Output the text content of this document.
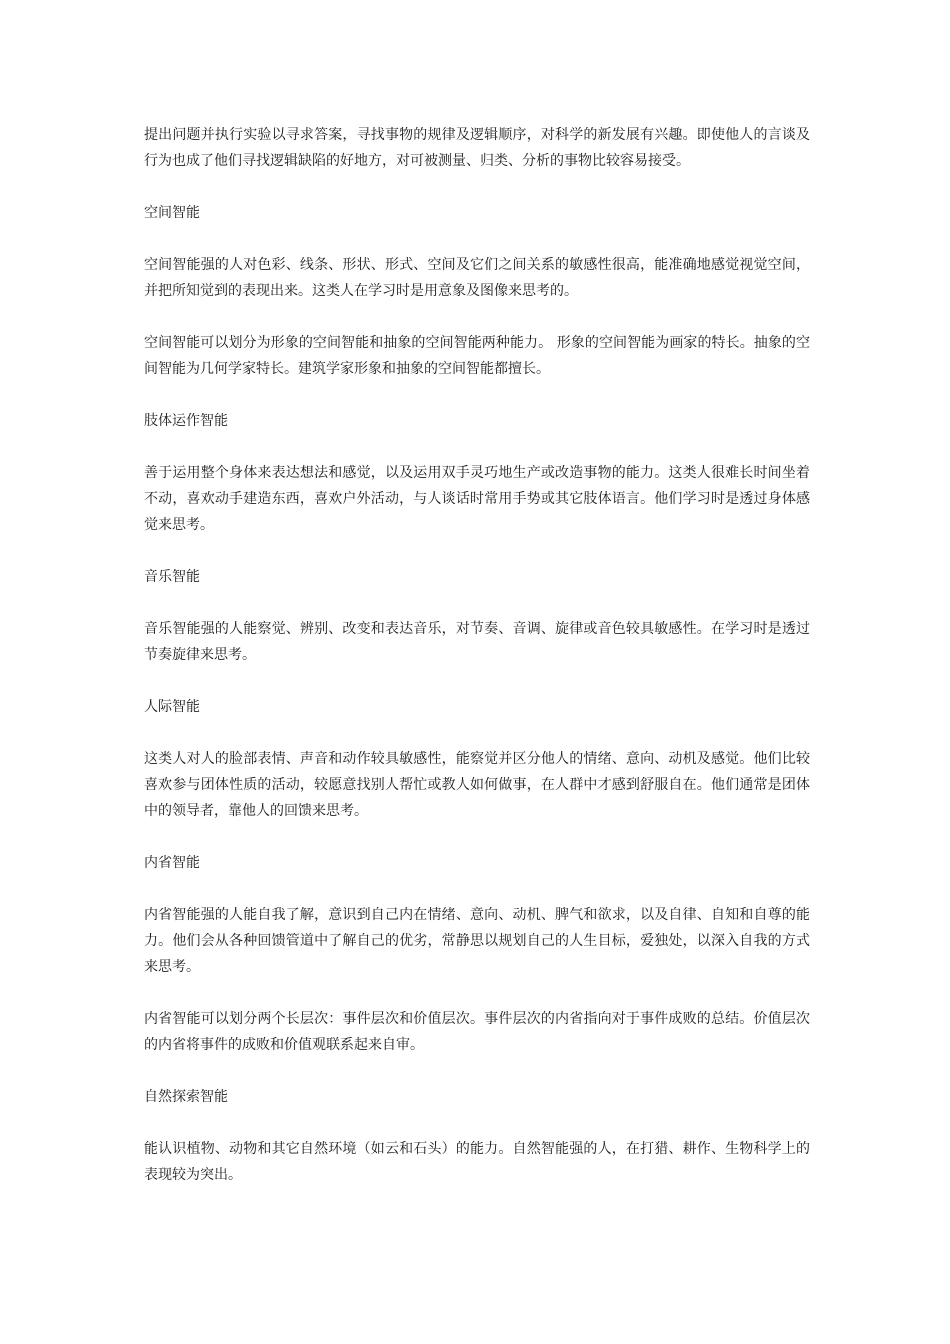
提出问题并执行实验以寻求答案，寻找事物的规律及逻辑顺序，对科学的新发展有兴趣。即使他人的言谈及行为也成了他们寻找逻辑缺陷的好地方，对可被测量、归类、分析的事物比较容易接受。

空间智能

空间智能强的人对色彩、线条、形状、形式、空间及它们之间关系的敏感性很高，能准确地感觉视觉空间，并把所知觉到的表现出来。这类人在学习时是用意象及图像来思考的。

空间智能可以划分为形象的空间智能和抽象的空间智能两种能力。 形象的空间智能为画家的特长。抽象的空间智能为几何学家特长。建筑学家形象和抽象的空间智能都擅长。

肢体运作智能

善于运用整个身体来表达想法和感觉，以及运用双手灵巧地生产或改造事物的能力。这类人很难长时间坐着不动，喜欢动手建造东西，喜欢户外活动，与人谈话时常用手势或其它肢体语言。他们学习时是透过身体感觉来思考。

音乐智能

音乐智能强的人能察觉、辨别、改变和表达音乐，对节奏、音调、旋律或音色较具敏感性。在学习时是透过节奏旋律来思考。

人际智能

这类人对人的脸部表情、声音和动作较具敏感性，能察觉并区分他人的情绪、意向、动机及感觉。他们比较喜欢参与团体性质的活动，较愿意找别人帮忙或教人如何做事，在人群中才感到舒服自在。他们通常是团体中的领导者，靠他人的回馈来思考。

内省智能

内省智能强的人能自我了解，意识到自己内在情绪、意向、动机、脾气和欲求，以及自律、自知和自尊的能力。他们会从各种回馈管道中了解自己的优劣，常静思以规划自己的人生目标，爱独处，以深入自我的方式来思考。

内省智能可以划分两个长层次：事件层次和价值层次。事件层次的内省指向对于事件成败的总结。价值层次的内省将事件的成败和价值观联系起来自审。

自然探索智能

能认识植物、动物和其它自然环境（如云和石头）的能力。自然智能强的人，在打猎、耕作、生物科学上的表现较为突出。
